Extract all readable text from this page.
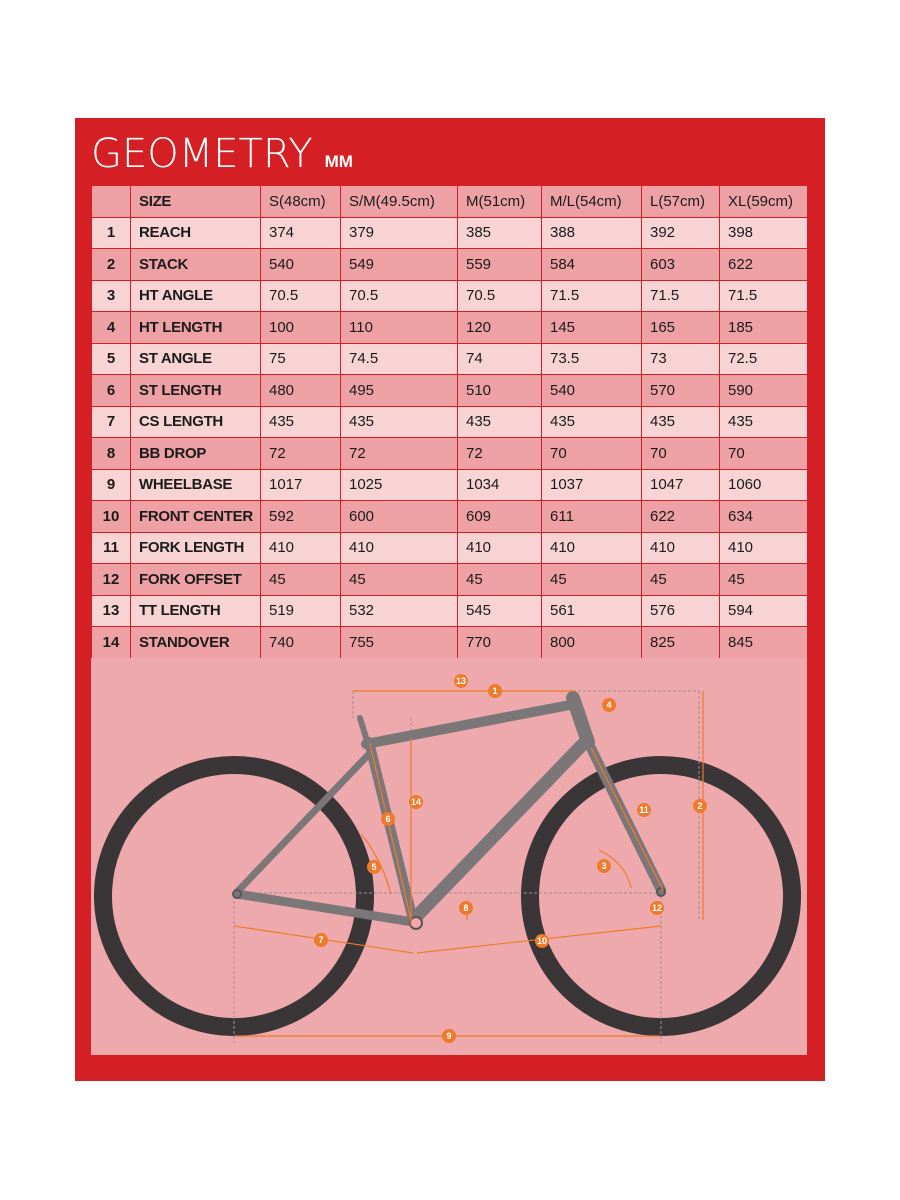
GEOMETRY MM
	SIZE	S(48cm)	S/M(49.5cm)	M(51cm)	M/L(54cm)	L(57cm)	XL(59cm)
1	REACH	374	379	385	388	392	398
2	STACK	540	549	559	584	603	622
3	HT ANGLE	70.5	70.5	70.5	71.5	71.5	71.5
4	HT LENGTH	100	110	120	145	165	185
5	ST ANGLE	75	74.5	74	73.5	73	72.5
6	ST LENGTH	480	495	510	540	570	590
7	CS LENGTH	435	435	435	435	435	435
8	BB DROP	72	72	72	70	70	70
9	WHEELBASE	1017	1025	1034	1037	1047	1060
10	FRONT CENTER	592	600	609	611	622	634
11	FORK LENGTH	410	410	410	410	410	410
12	FORK OFFSET	45	45	45	45	45	45
13	TT LENGTH	519	532	545	561	576	594
14	STANDOVER	740	755	770	800	825	845
1
2
3
4
5
6
7
8
9
10
11
12
13
14
